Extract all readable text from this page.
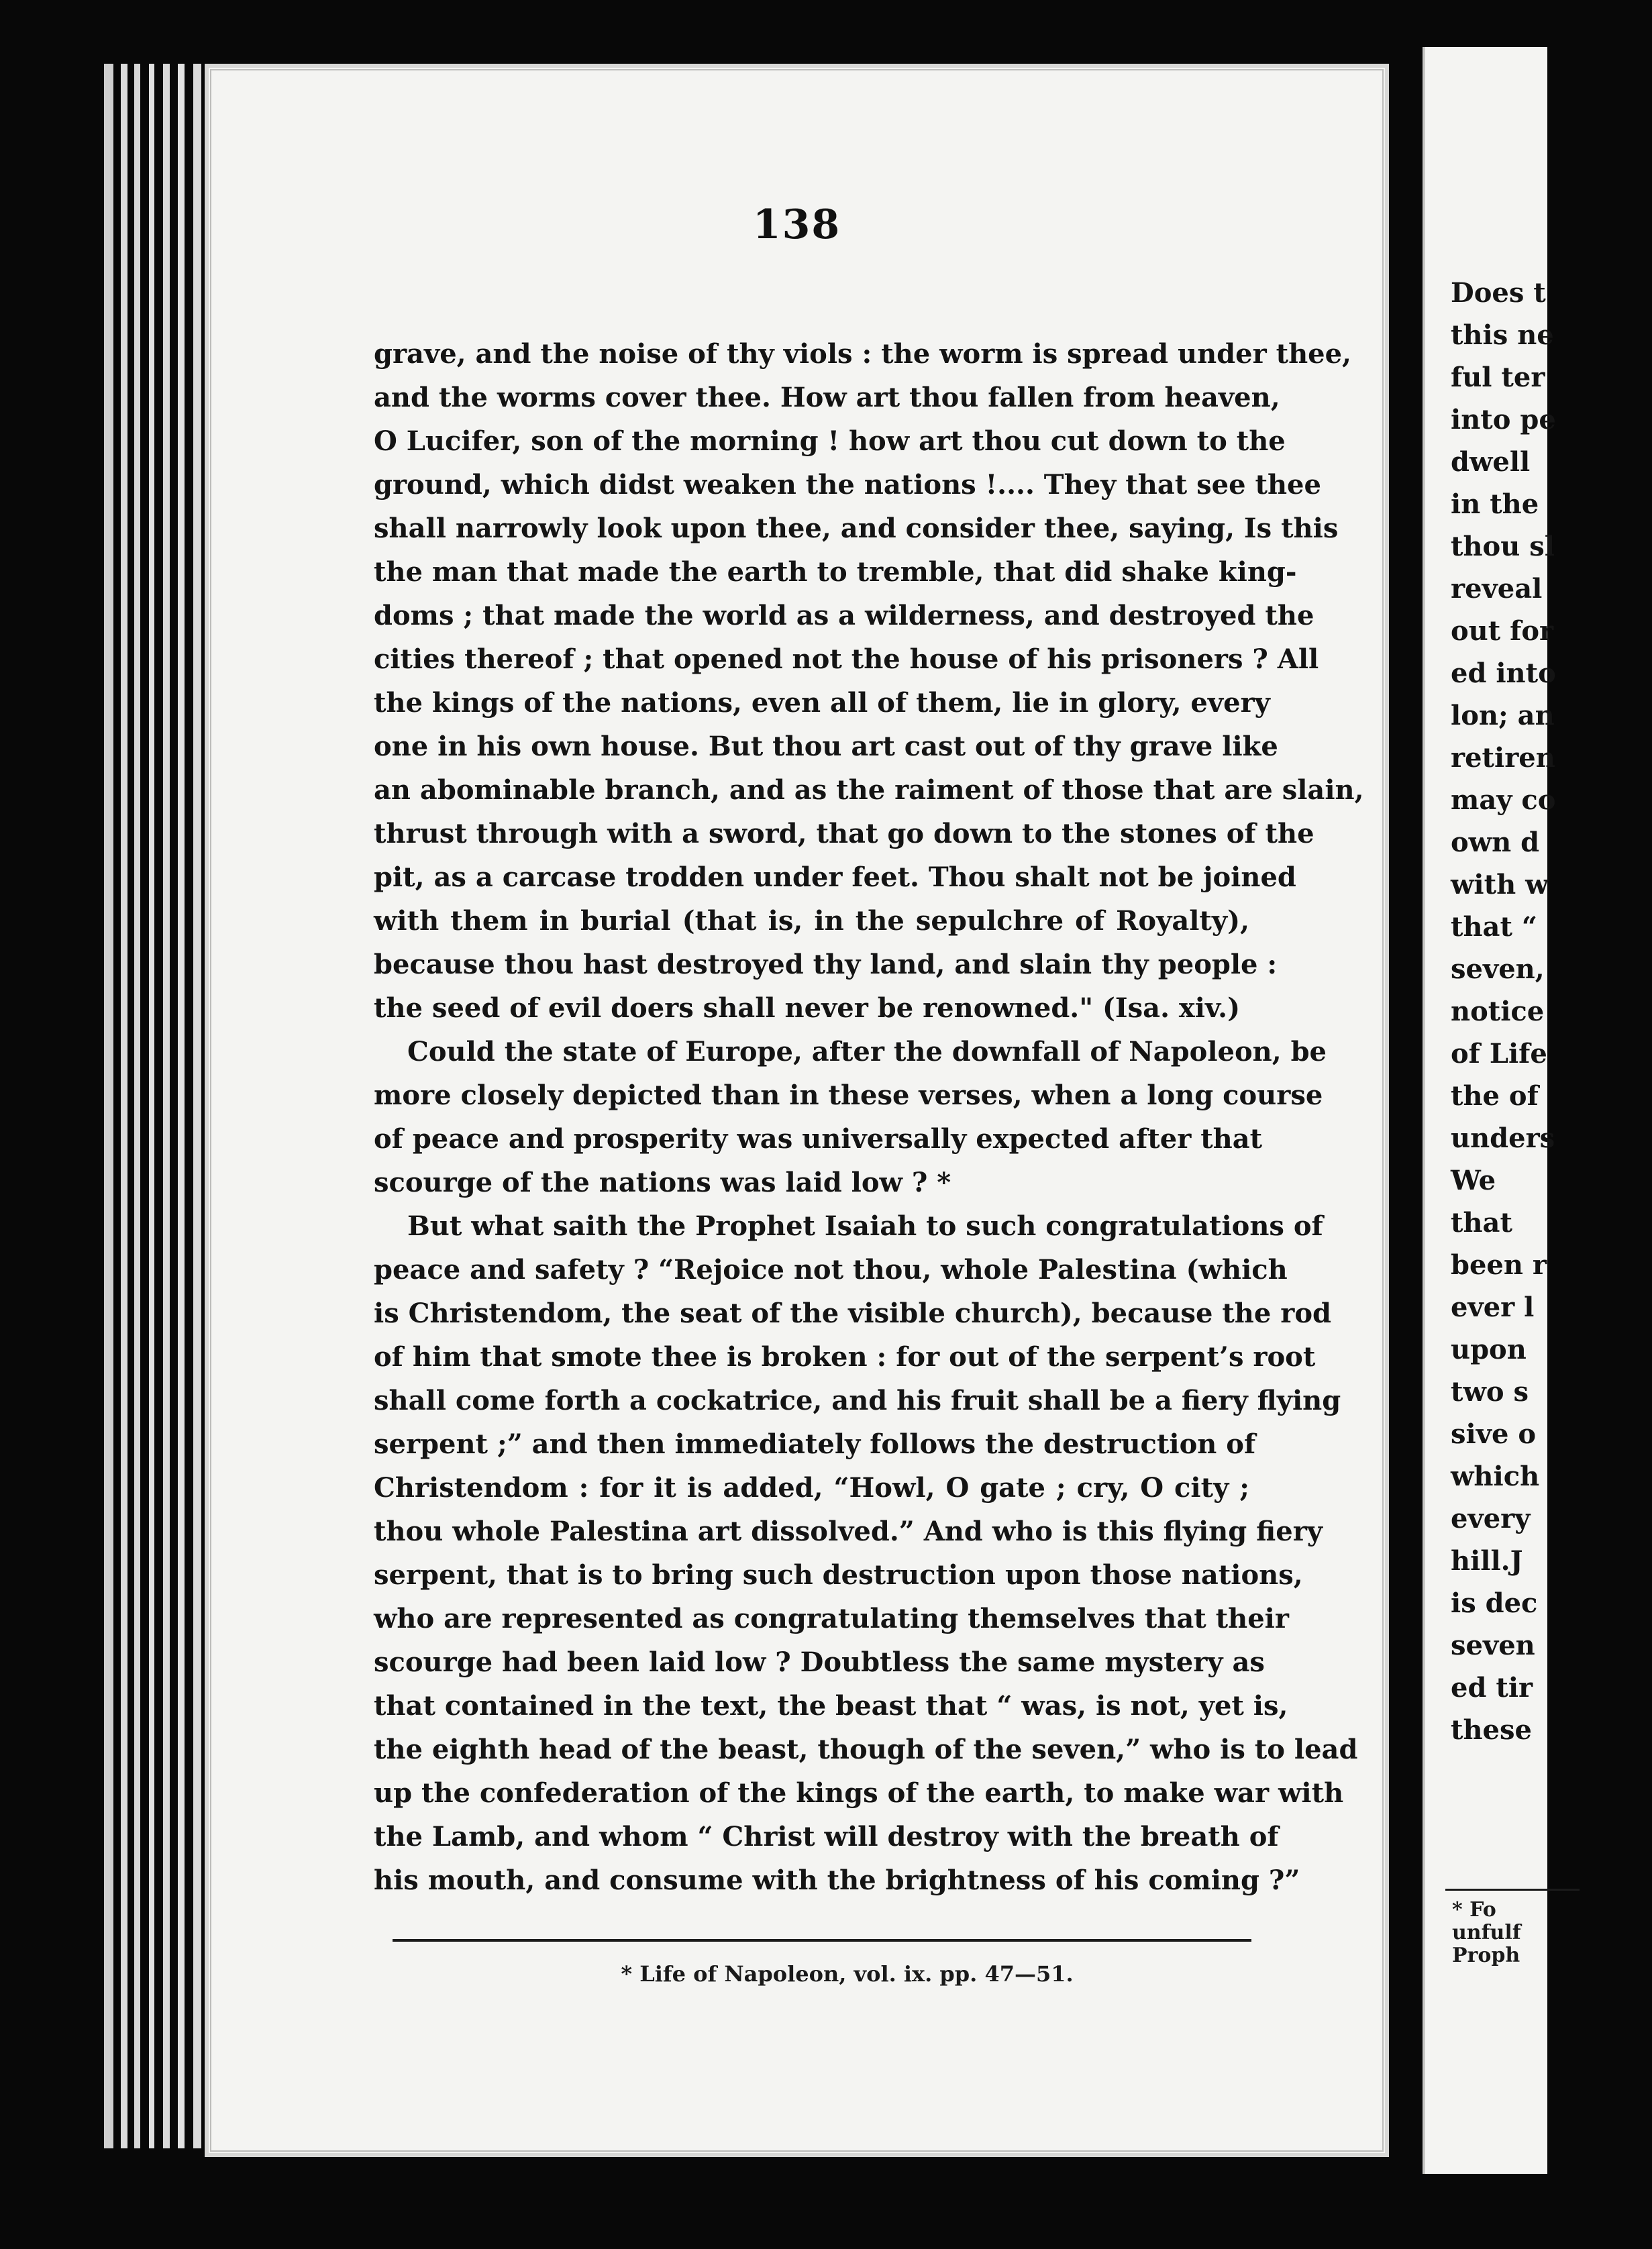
138
grave, and the noise of thy viols : the worm is spread under thee,
and the worms cover thee. How art thou fallen from heaven,
O Lucifer, son of the morning ! how art thou cut down to the
ground, which didst weaken the nations !.... They that see thee
shall narrowly look upon thee, and consider thee, saying, Is this
the man that made the earth to tremble, that did shake king-
doms ; that made the world as a wilderness, and destroyed the
cities thereof ; that opened not the house of his prisoners ? All
the kings of the nations, even all of them, lie in glory, every
one in his own house. But thou art cast out of thy grave like
an abominable branch, and as the raiment of those that are slain,
thrust through with a sword, that go down to the stones of the
pit, as a carcase trodden under feet. Thou shalt not be joined
with them in burial (that is, in the sepulchre of Royalty),
because thou hast destroyed thy land, and slain thy people :
the seed of evil doers shall never be renowned." (Isa. xiv.)
Could the state of Europe, after the downfall of Napoleon, be
more closely depicted than in these verses, when a long course
of peace and prosperity was universally expected after that
scourge of the nations was laid low ? *
But what saith the Prophet Isaiah to such congratulations of
peace and safety ? “Rejoice not thou, whole Palestina (which
is Christendom, the seat of the visible church), because the rod
of him that smote thee is broken : for out of the serpent’s root
shall come forth a cockatrice, and his fruit shall be a fiery flying
serpent ;” and then immediately follows the destruction of
Christendom : for it is added, “Howl, O gate ; cry, O city ;
thou whole Palestina art dissolved.” And who is this flying fiery
serpent, that is to bring such destruction upon those nations,
who are represented as congratulating themselves that their
scourge had been laid low ? Doubtless the same mystery as
that contained in the text, the beast that “ was, is not, yet is,
the eighth head of the beast, though of the seven,” who is to lead
up the confederation of the kings of the earth, to make war with
the Lamb, and whom “ Christ will destroy with the breath of
his mouth, and consume with the brightness of his coming ?”
* Life of Napoleon, vol. ix. pp. 47—51.
Does t
this ne
ful ter
into pe
dwell
in the
thou sl
reveal
out for
ed into
lon; an
retiren
may co
own d
with w
that “
seven,
notice
of Life
the of
unders
We
that
been r
ever l
upon
two s
sive o
which
every
hill.J
is dec
seven
ed tir
these
* Fo
unfulf
Proph
